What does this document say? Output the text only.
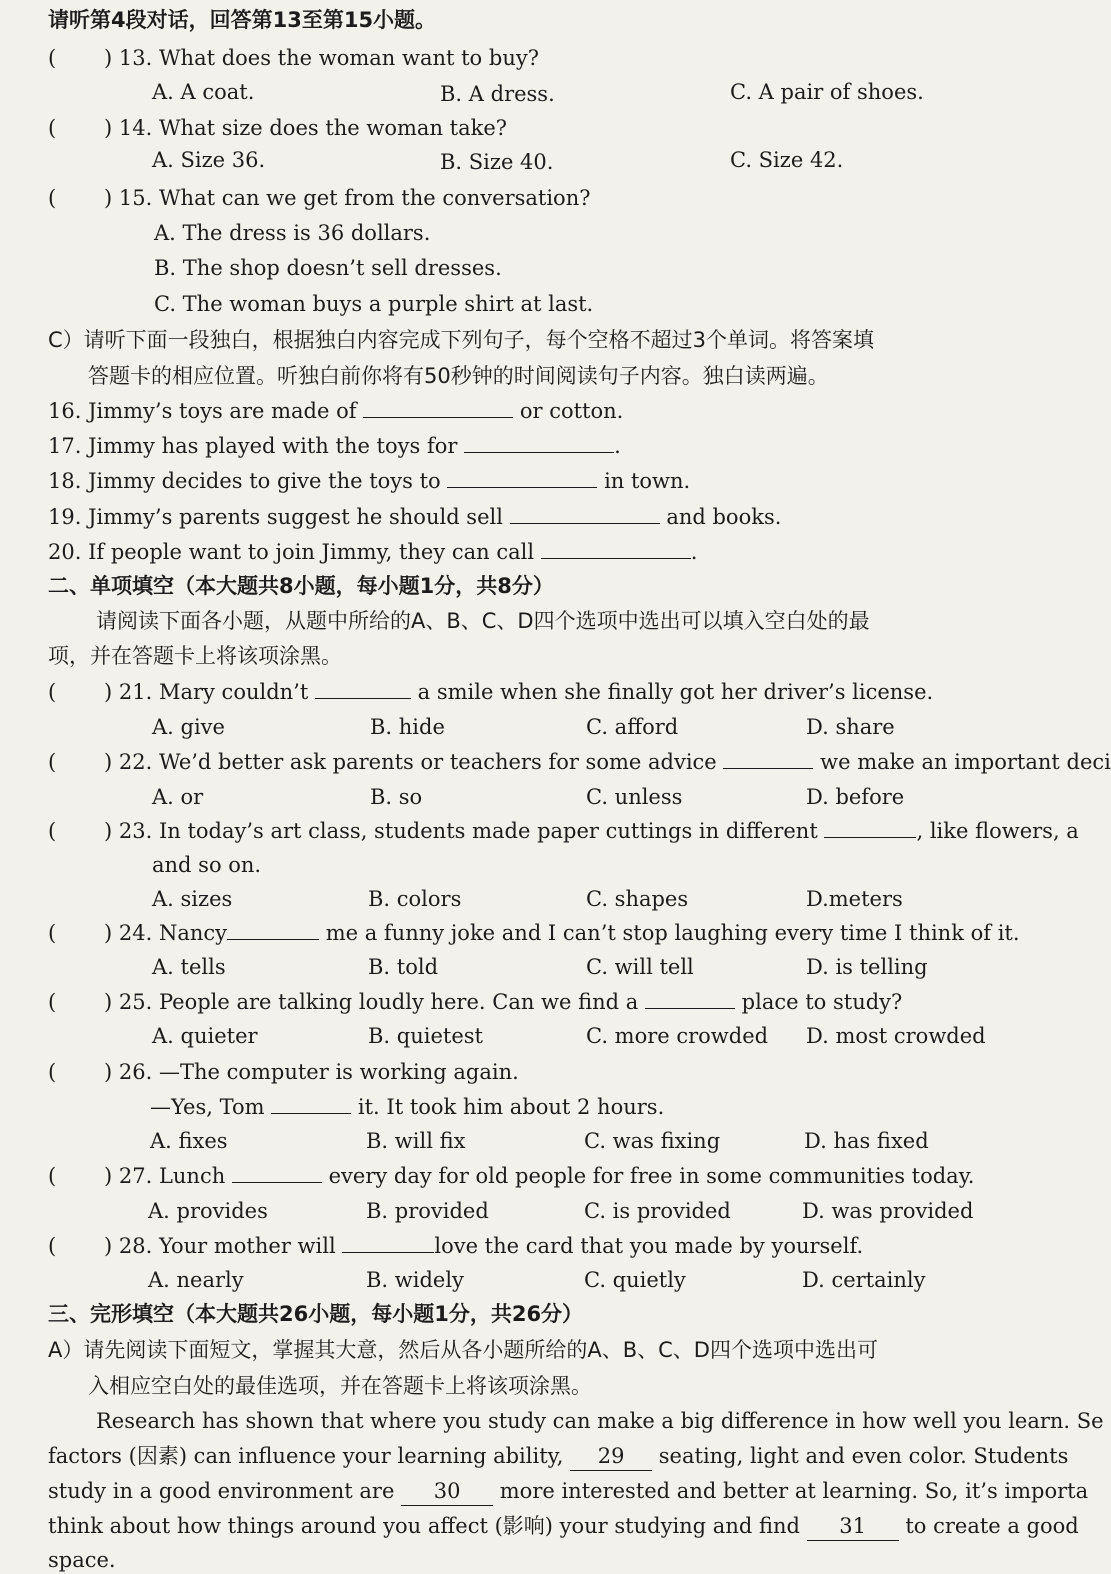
请听第4段对话，回答第13至第15小题。
( ) 13. What does the woman want to buy?
A. A coat.	B. A dress.	C. A pair of shoes.
( ) 14. What size does the woman take?
A. Size 36.	B. Size 40.	C. Size 42.
( ) 15. What can we get from the conversation?
A. The dress is 36 dollars.
B. The shop doesn’t sell dresses.
C. The woman buys a purple shirt at last.
C）请听下面一段独白，根据独白内容完成下列句子，每个空格不超过3个单词。将答案填
答题卡的相应位置。听独白前你将有50秒钟的时间阅读句子内容。独白读两遍。
16. Jimmy’s toys are made of	or cotton.
17. Jimmy has played with the toys for	.
18. Jimmy decides to give the toys to	in town.
19. Jimmy’s parents suggest he should sell	and books.
20. If people want to join Jimmy, they can call	.
二、单项填空（本大题共8小题，每小题1分，共8分）
请阅读下面各小题，从题中所给的A、B、C、D四个选项中选出可以填入空白处的最
项，并在答题卡上将该项涂黑。
( ) 21. Mary couldn’t	a smile when she finally got her driver’s license.
A. give	B. hide	C. afford	D. share
( ) 22. We’d better ask parents or teachers for some advice	we make an important deci
A. or	B. so	C. unless	D. before
( ) 23. In today’s art class, students made paper cuttings in different	, like flowers, a
and so on.
A. sizes	B. colors	C. shapes	D.meters
( ) 24. Nancy	me a funny joke and I can’t stop laughing every time I think of it.
A. tells	B. told	C. will tell	D. is telling
( ) 25. People are talking loudly here. Can we find a	place to study?
A. quieter	B. quietest	C. more crowded D. most crowded
( ) 26. —The computer is working again.
—Yes, Tom	it. It took him about 2 hours.
A. fixes	B. will fix	C. was fixing	D. has fixed
( ) 27. Lunch	every day for old people for free in some communities today.
A. provides	B. provided	C. is provided	D. was provided
( ) 28. Your mother will	love the card that you made by yourself.
A. nearly	B. widely	C. quietly	D. certainly
三、完形填空（本大题共26小题，每小题1分，共26分）
A）请先阅读下面短文，掌握其大意，然后从各小题所给的A、B、C、D四个选项中选出可
入相应空白处的最佳选项，并在答题卡上将该项涂黑。
Research has shown that where you study can make a big difference in how well you learn. Se
factors (因素) can influence your learning ability, 29 seating, light and even color. Students
study in a good environment are 30 more interested and better at learning. So, it’s importa
think about how things around you affect (影响) your studying and find 31 to create a good
space.
